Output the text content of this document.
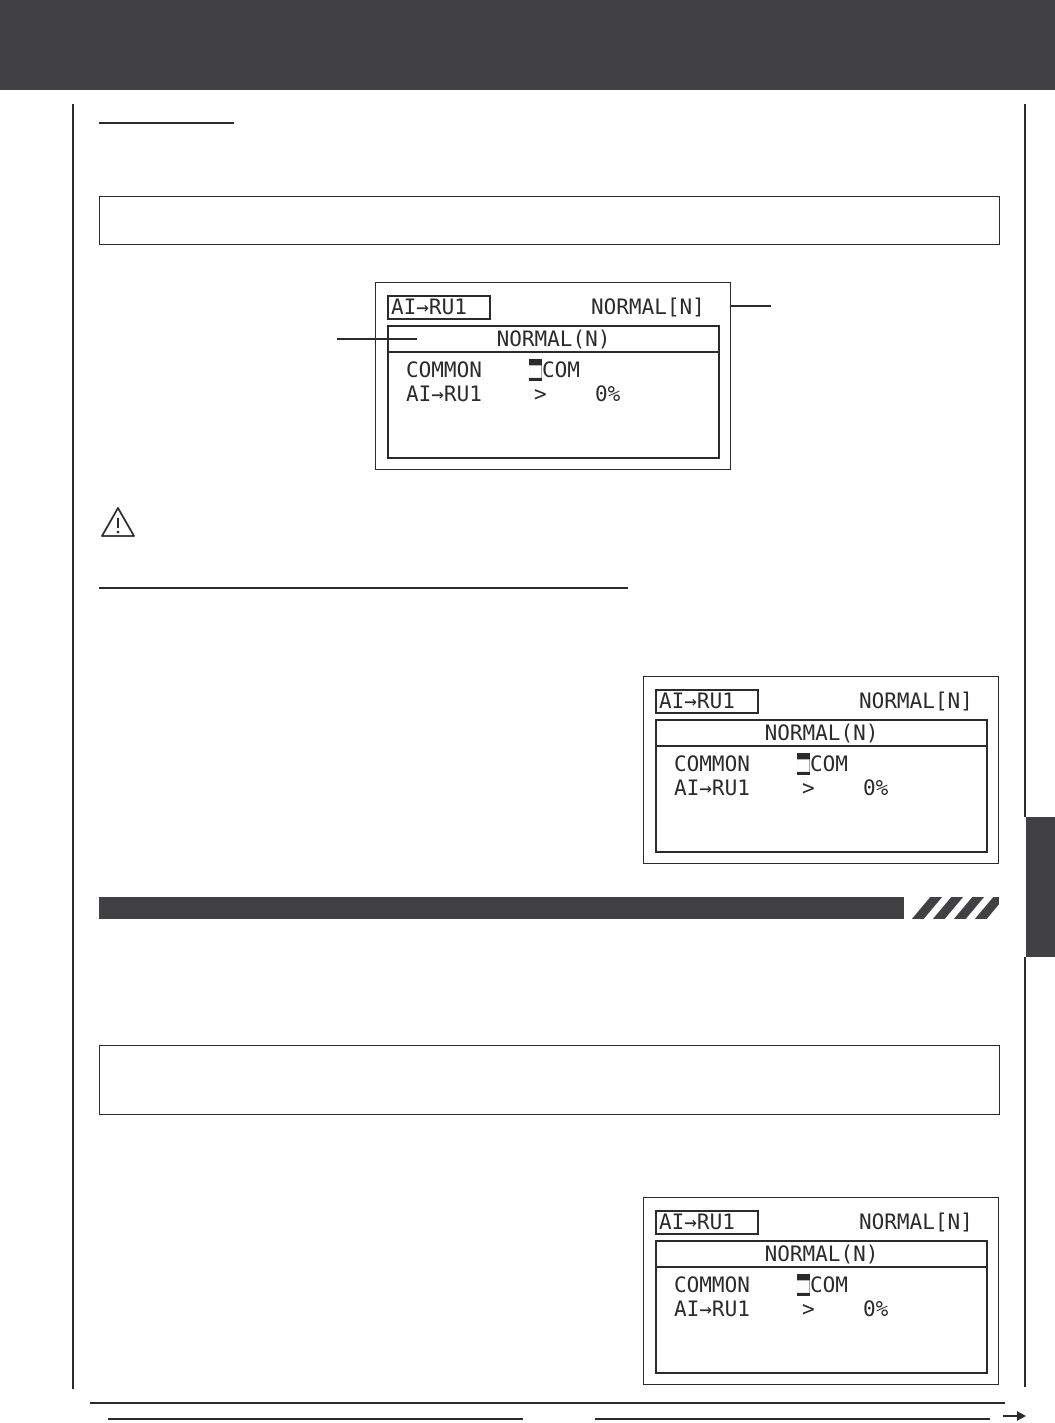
AI→RU1	NORMAL[N]
NORMAL(N)
COMMON ■ COM
AI→RU1 > 0%
AI→RU1	NORMAL[N]
NORMAL(N)
COMMON ■ COM
AI→RU1 > 0%
AI→RU1	NORMAL[N]
NORMAL(N)
COMMON ■ COM
AI→RU1 > 0%
